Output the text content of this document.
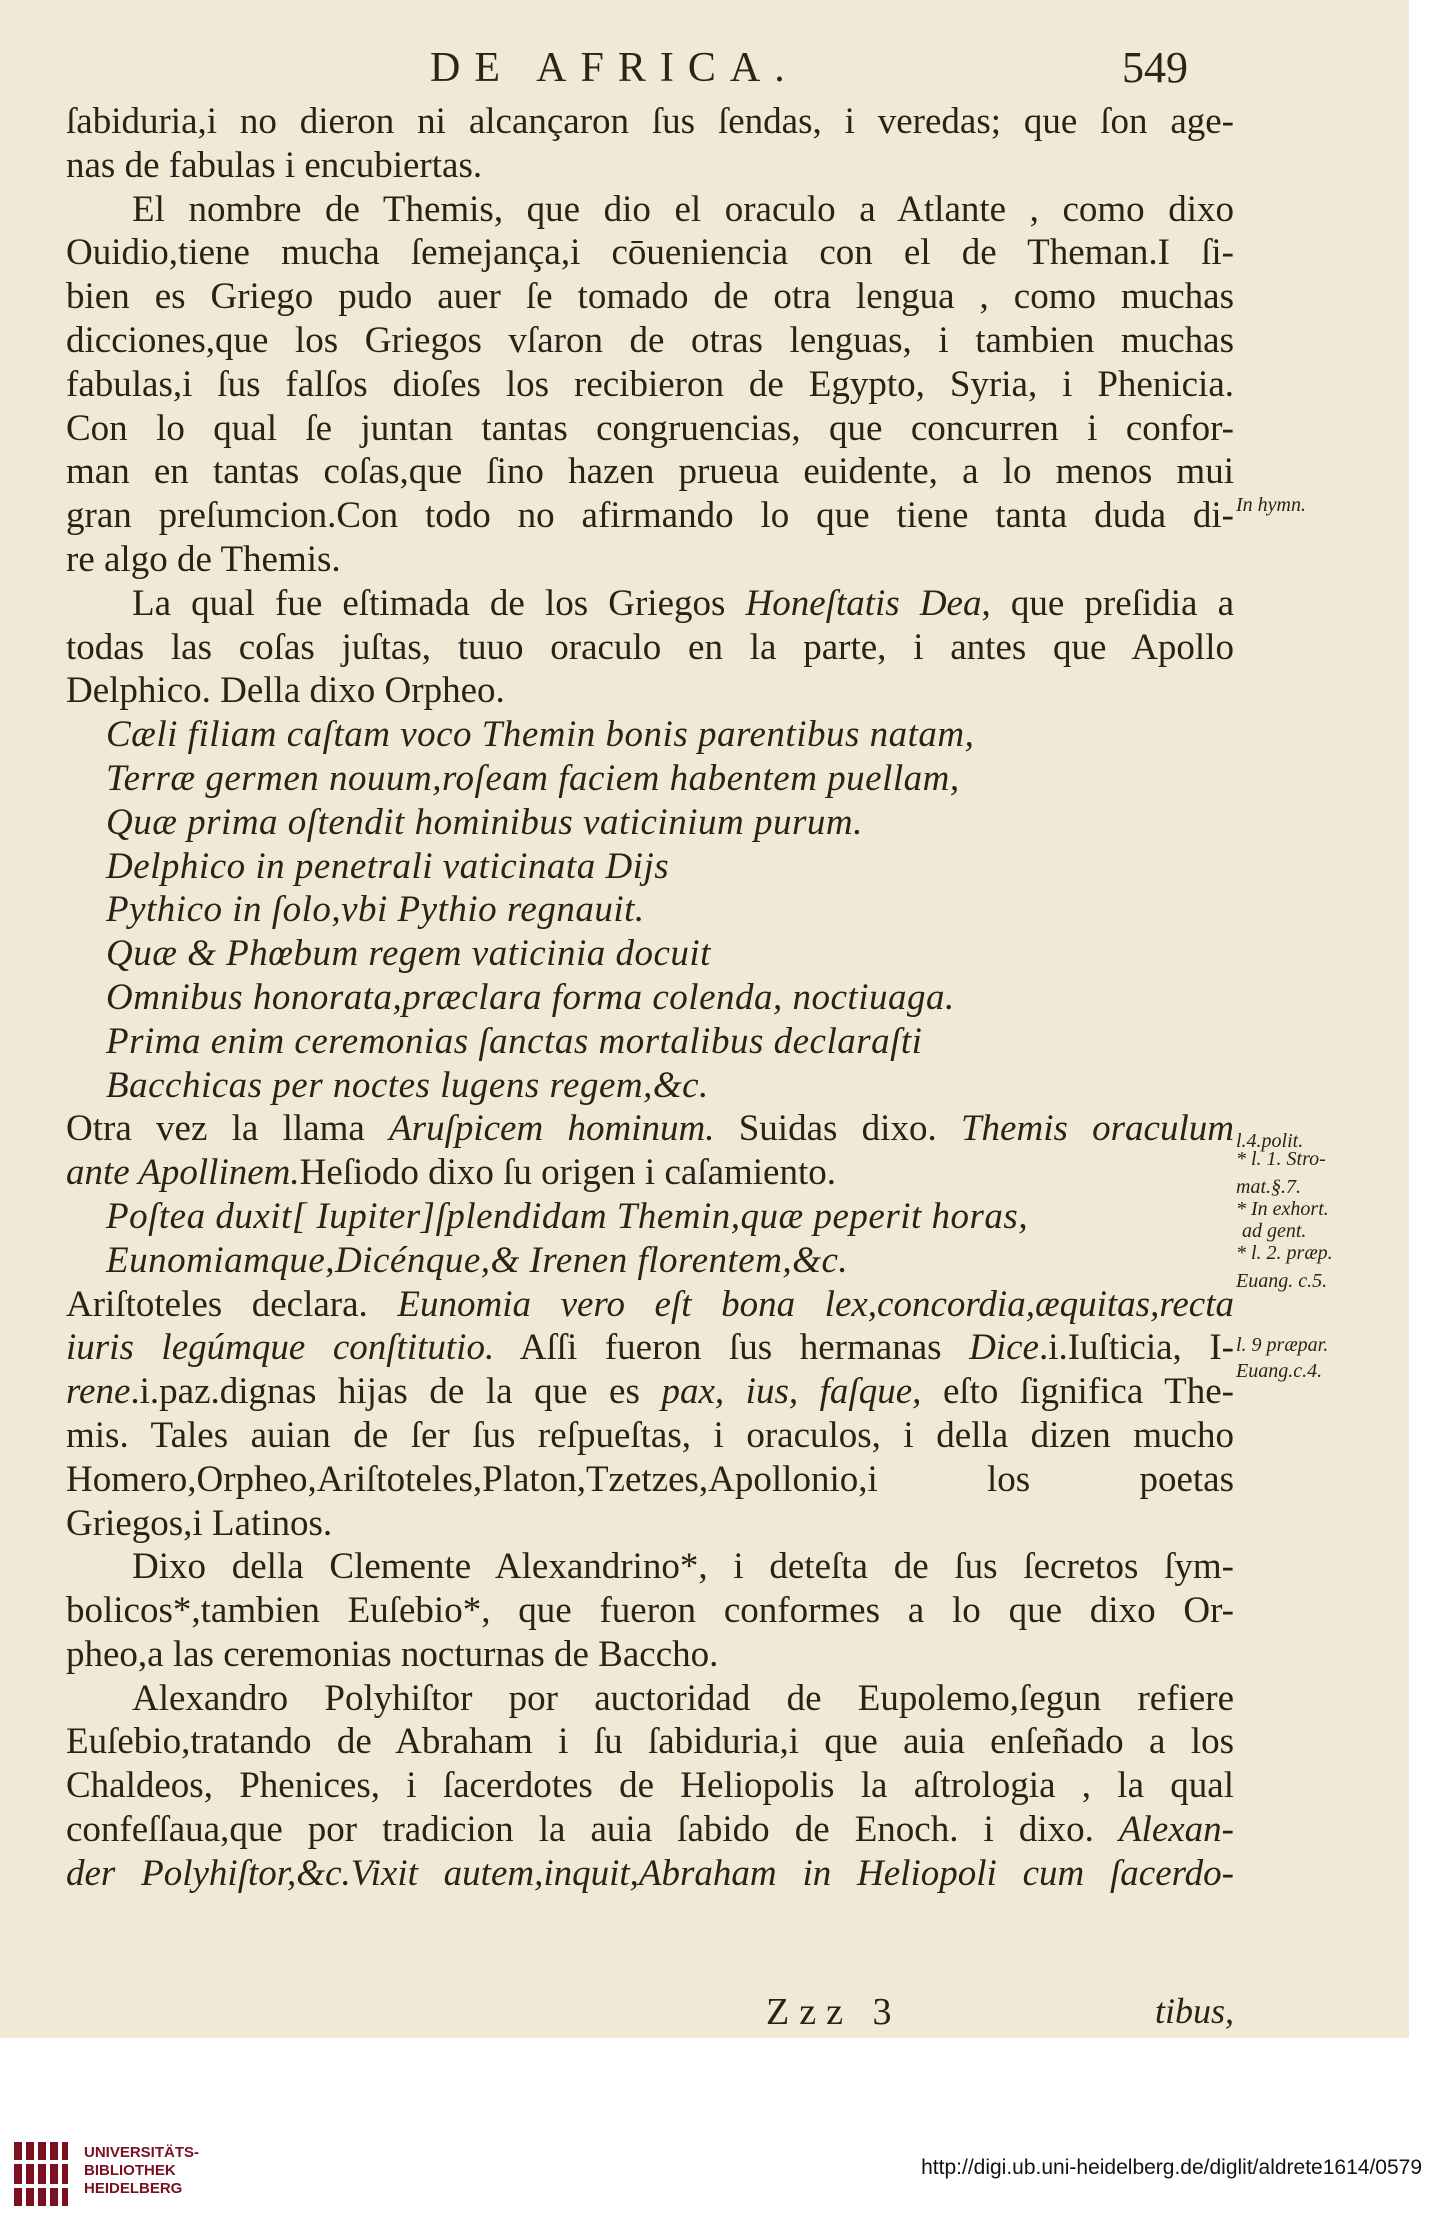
DE AFRICA.	549
ſabiduria,i no dieron ni alcançaron ſus ſendas, i veredas; que ſon age-
nas de fabulas i encubiertas.
El nombre de Themis, que dio el oraculo a Atlante , como dixo
Ouidio,tiene mucha ſemejança,i cōueniencia con el de Theman.I ſi-
bien es Griego pudo auer ſe tomado de otra lengua , como muchas
dicciones,que los Griegos vſaron de otras lenguas, i tambien muchas
fabulas,i ſus falſos dioſes los recibieron de Egypto, Syria, i Phenicia.
Con lo qual ſe juntan tantas congruencias, que concurren i confor-
man en tantas coſas,que ſino hazen prueua euidente, a lo menos mui
gran preſumcion.Con todo no afirmando lo que tiene tanta duda di-
re algo de Themis.
La qual fue eſtimada de los Griegos Honeſtatis Dea, que preſidia a
todas las coſas juſtas, tuuo oraculo en la parte, i antes que Apollo
Delphico. Della dixo Orpheo.
Cæli filiam caſtam voco Themin bonis parentibus natam,
Terræ germen nouum,roſeam faciem habentem puellam,
Quæ prima oſtendit hominibus vaticinium purum.
Delphico in penetrali vaticinata Dijs
Pythico in ſolo,vbi Pythio regnauit.
Quæ & Phœbum regem vaticinia docuit
Omnibus honorata,præclara forma colenda, noctiuaga.
Prima enim ceremonias ſanctas mortalibus declaraſti
Bacchicas per noctes lugens regem,&c.
Otra vez la llama Aruſpicem hominum. Suidas dixo. Themis oraculum
ante Apollinem.Heſiodo dixo ſu origen i caſamiento.
Poſtea duxit[ Iupiter]ſplendidam Themin,quæ peperit horas,
Eunomiamque,Dicénque,& Irenen florentem,&c.
Ariſtoteles declara. Eunomia vero eſt bona lex,concordia,æquitas,recta
iuris legúmque conſtitutio. Aſſi fueron ſus hermanas Dice.i.Iuſticia, I-
rene.i.paz.dignas hijas de la que es pax, ius, faſque, eſto ſignifica The-
mis. Tales auian de ſer ſus reſpueſtas, i oraculos, i della dizen mucho
Homero,Orpheo,Ariſtoteles,Platon,Tzetzes,Apollonio,i los poetas
Griegos,i Latinos.
Dixo della Clemente Alexandrino*, i deteſta de ſus ſecretos ſym-
bolicos*,tambien Euſebio*, que fueron conformes a lo que dixo Or-
pheo,a las ceremonias nocturnas de Baccho.
Alexandro Polyhiſtor por auctoridad de Eupolemo,ſegun refiere
Euſebio,tratando de Abraham i ſu ſabiduria,i que auia enſeñado a los
Chaldeos, Phenices, i ſacerdotes de Heliopolis la aſtrologia , la qual
confeſſaua,que por tradicion la auia ſabido de Enoch. i dixo. Alexan-
der Polyhiſtor,&c.Vixit autem,inquit,Abraham in Heliopoli cum ſacerdo-
In hymn.
l.4.polit.
* l. 1. Stro-
mat.§.7.
* In exhort.
ad gent.
* l. 2. præp.
Euang. c.5.
l. 9 præpar.
Euang.c.4.
Zzz 3	tibus,
UNIVERSITÄTS-
BIBLIOTHEK
HEIDELBERG
http://digi.ub.uni-heidelberg.de/diglit/aldrete1614/0579
